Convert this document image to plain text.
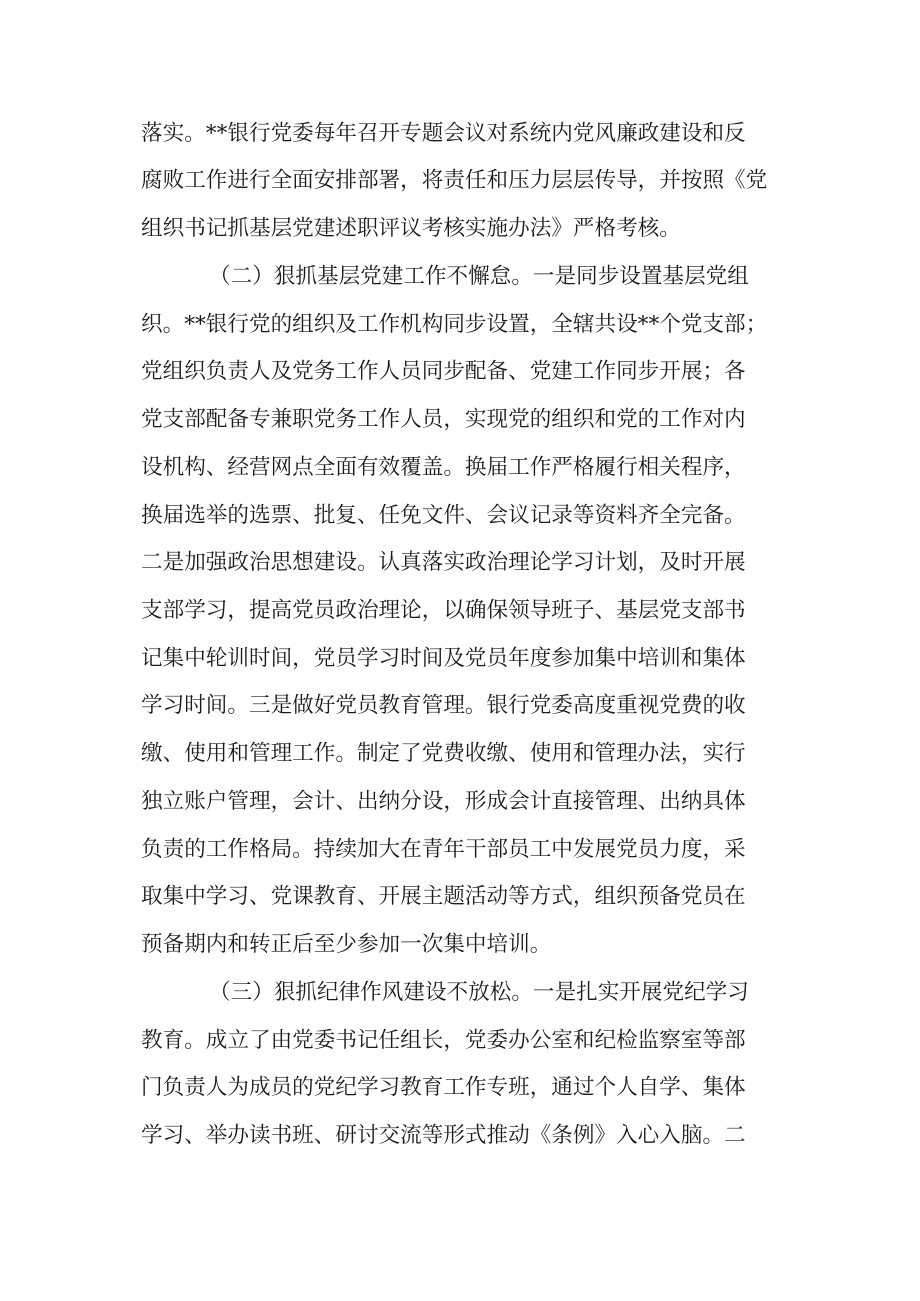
落实。**银行党委每年召开专题会议对系统内党风廉政建设和反
腐败工作进行全面安排部署，将责任和压力层层传导，并按照《党
组织书记抓基层党建述职评议考核实施办法》严格考核。
（二）狠抓基层党建工作不懈怠。一是同步设置基层党组
织。**银行党的组织及工作机构同步设置，全辖共设**个党支部；
党组织负责人及党务工作人员同步配备、党建工作同步开展；各
党支部配备专兼职党务工作人员，实现党的组织和党的工作对内
设机构、经营网点全面有效覆盖。换届工作严格履行相关程序，
换届选举的选票、批复、任免文件、会议记录等资料齐全完备。
二是加强政治思想建设。认真落实政治理论学习计划，及时开展
支部学习，提高党员政治理论，以确保领导班子、基层党支部书
记集中轮训时间，党员学习时间及党员年度参加集中培训和集体
学习时间。三是做好党员教育管理。银行党委高度重视党费的收
缴、使用和管理工作。制定了党费收缴、使用和管理办法，实行
独立账户管理，会计、出纳分设，形成会计直接管理、出纳具体
负责的工作格局。持续加大在青年干部员工中发展党员力度，采
取集中学习、党课教育、开展主题活动等方式，组织预备党员在
预备期内和转正后至少参加一次集中培训。
（三）狠抓纪律作风建设不放松。一是扎实开展党纪学习
教育。成立了由党委书记任组长，党委办公室和纪检监察室等部
门负责人为成员的党纪学习教育工作专班，通过个人自学、集体
学习、举办读书班、研讨交流等形式推动《条例》入心入脑。二
